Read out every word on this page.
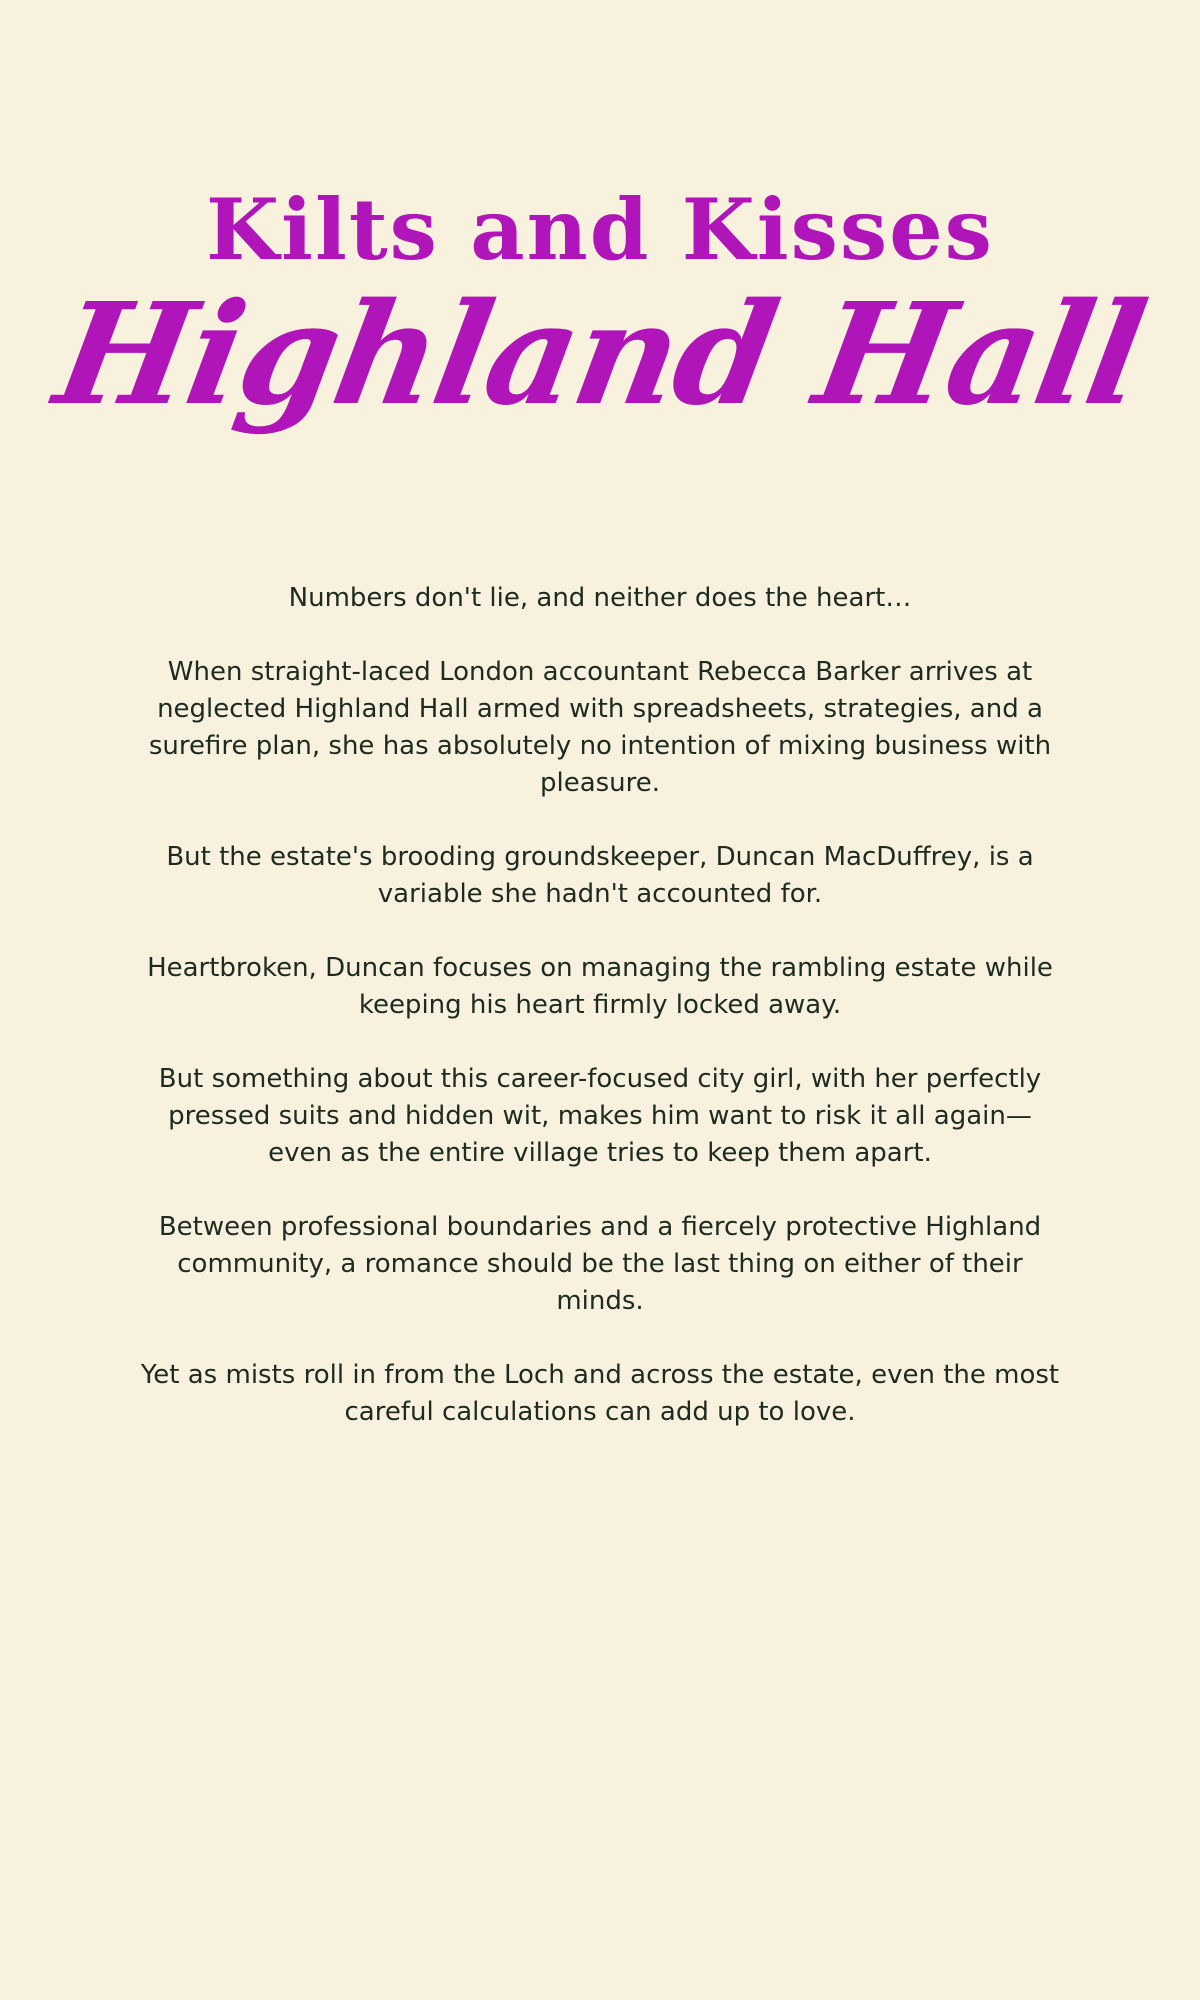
Kilts and Kisses
Highland Hall

Numbers don't lie, and neither does the heart…

When straight-laced London accountant Rebecca Barker arrives at neglected Highland Hall armed with spreadsheets, strategies, and a surefire plan, she has absolutely no intention of mixing business with pleasure.

But the estate's brooding groundskeeper, Duncan MacDuffrey, is a variable she hadn't accounted for.

Heartbroken, Duncan focuses on managing the rambling estate while keeping his heart firmly locked away.

But something about this career-focused city girl, with her perfectly pressed suits and hidden wit, makes him want to risk it all again—even as the entire village tries to keep them apart.

Between professional boundaries and a fiercely protective Highland community, a romance should be the last thing on either of their minds.

Yet as mists roll in from the Loch and across the estate, even the most careful calculations can add up to love.
